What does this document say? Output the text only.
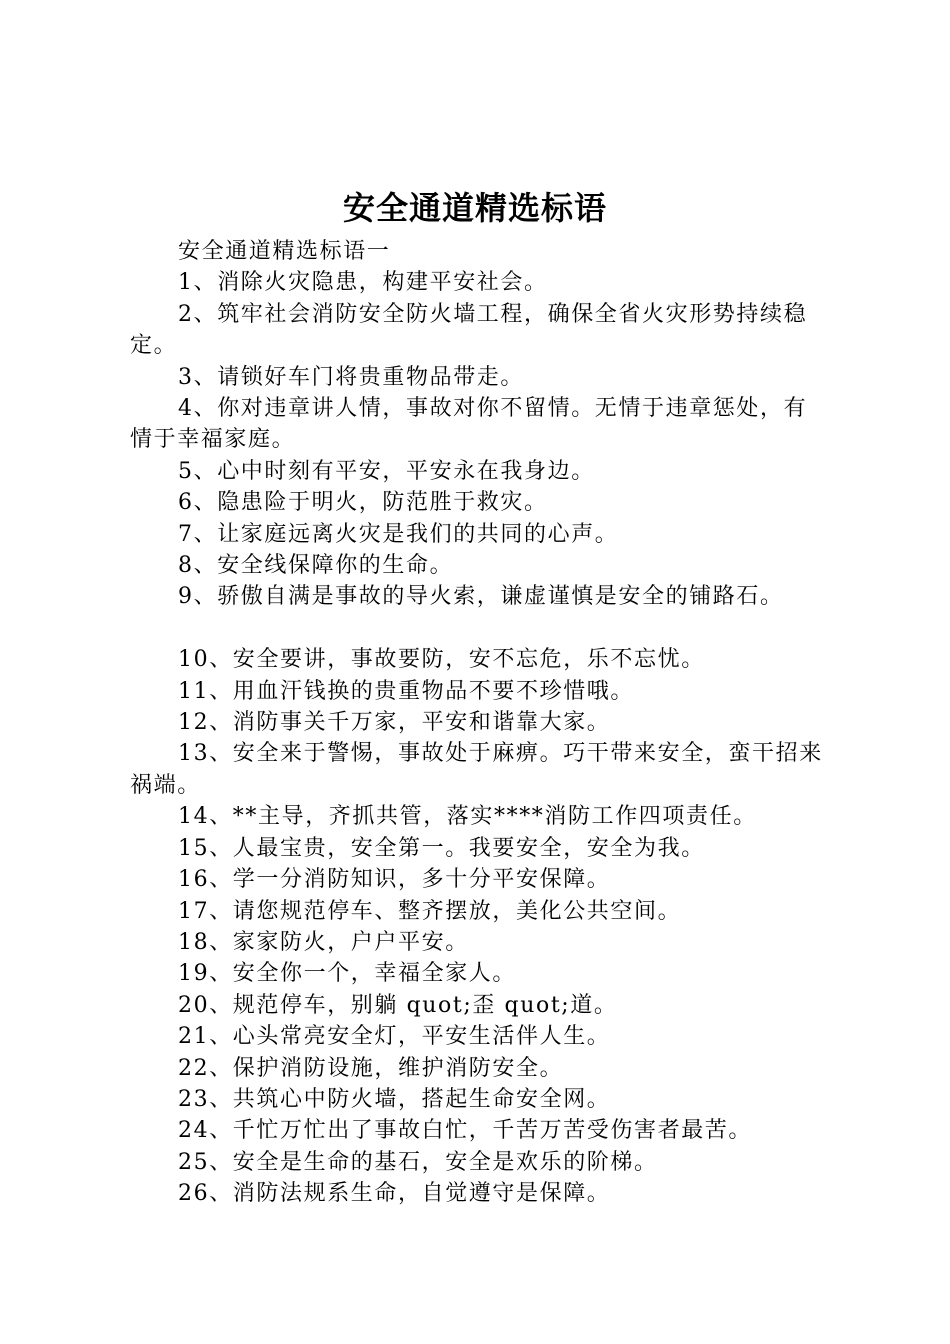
安全通道精选标语

安全通道精选标语一

1、消除火灾隐患，构建平安社会。

2、筑牢社会消防安全防火墙工程，确保全省火灾形势持续稳定。

3、请锁好车门将贵重物品带走。

4、你对违章讲人情，事故对你不留情。无情于违章惩处，有情于幸福家庭。

5、心中时刻有平安，平安永在我身边。

6、隐患险于明火，防范胜于救灾。

7、让家庭远离火灾是我们的共同的心声。

8、安全线保障你的生命。

9、骄傲自满是事故的导火索，谦虚谨慎是安全的铺路石。

10、安全要讲，事故要防，安不忘危，乐不忘忧。

11、用血汗钱换的贵重物品不要不珍惜哦。

12、消防事关千万家，平安和谐靠大家。

13、安全来于警惕，事故处于麻痹。巧干带来安全，蛮干招来祸端。

14、**主导，齐抓共管，落实****消防工作四项责任。

15、人最宝贵，安全第一。我要安全，安全为我。

16、学一分消防知识，多十分平安保障。

17、请您规范停车、整齐摆放，美化公共空间。

18、家家防火，户户平安。

19、安全你一个，幸福全家人。

20、规范停车，别躺 quot;歪 quot;道。

21、心头常亮安全灯，平安生活伴人生。

22、保护消防设施，维护消防安全。

23、共筑心中防火墙，搭起生命安全网。

24、千忙万忙出了事故白忙，千苦万苦受伤害者最苦。

25、安全是生命的基石，安全是欢乐的阶梯。

26、消防法规系生命，自觉遵守是保障。
